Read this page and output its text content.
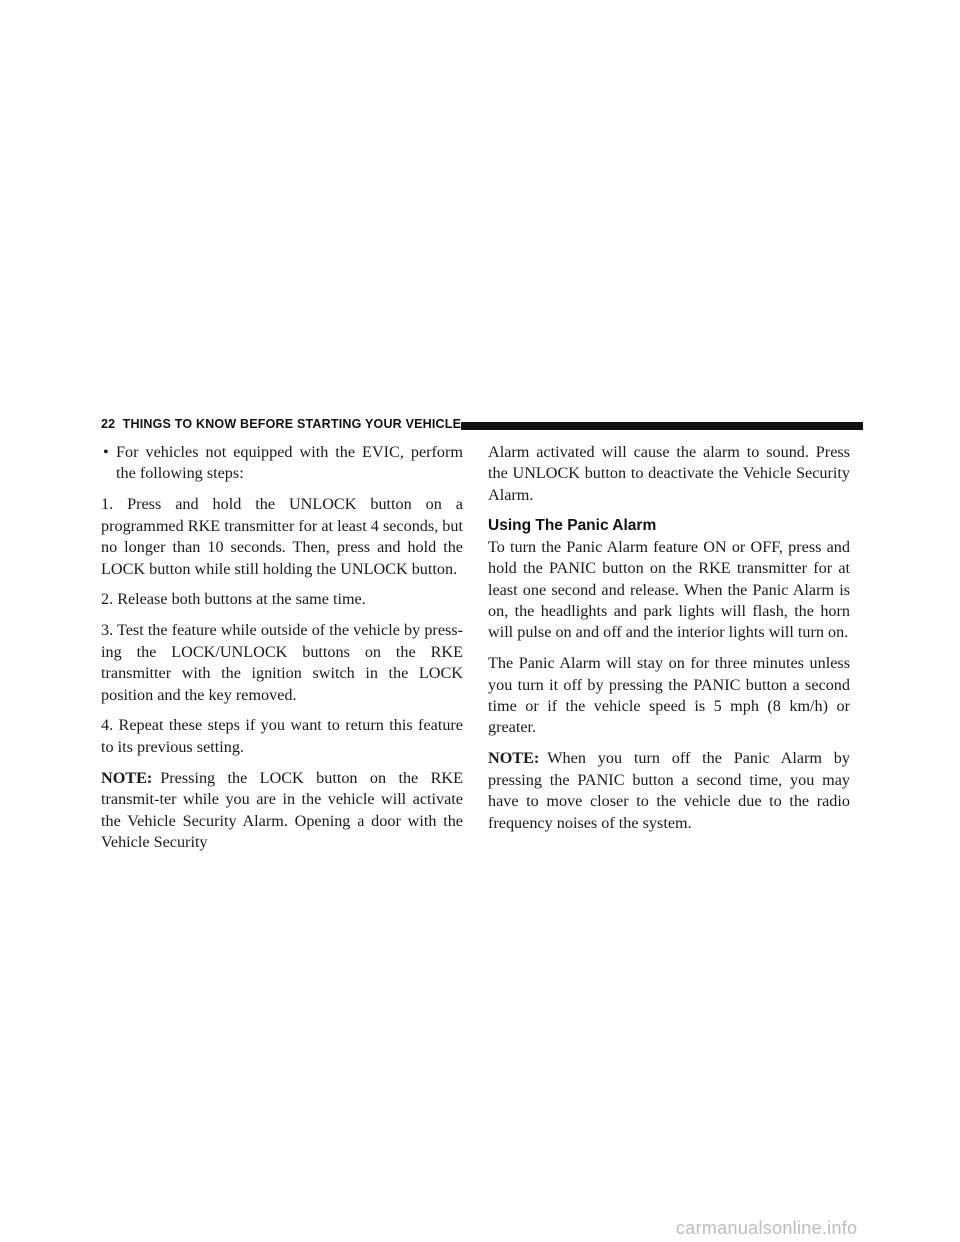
22 THINGS TO KNOW BEFORE STARTING YOUR VEHICLE
• For vehicles not equipped with the EVIC, perform the following steps:

1. Press and hold the UNLOCK button on a programmed RKE transmitter for at least 4 seconds, but no longer than 10 seconds. Then, press and hold the LOCK button while still holding the UNLOCK button.

2. Release both buttons at the same time.

3. Test the feature while outside of the vehicle by press-ing the LOCK/UNLOCK buttons on the RKE transmitter with the ignition switch in the LOCK position and the key removed.

4. Repeat these steps if you want to return this feature to its previous setting.

NOTE: Pressing the LOCK button on the RKE transmit-ter while you are in the vehicle will activate the Vehicle Security Alarm. Opening a door with the Vehicle Security

Alarm activated will cause the alarm to sound. Press the UNLOCK button to deactivate the Vehicle Security Alarm.

Using The Panic Alarm

To turn the Panic Alarm feature ON or OFF, press and hold the PANIC button on the RKE transmitter for at least one second and release. When the Panic Alarm is on, the headlights and park lights will flash, the horn will pulse on and off and the interior lights will turn on.

The Panic Alarm will stay on for three minutes unless you turn it off by pressing the PANIC button a second time or if the vehicle speed is 5 mph (8 km/h) or greater.

NOTE: When you turn off the Panic Alarm by pressing the PANIC button a second time, you may have to move closer to the vehicle due to the radio frequency noises of the system.

carmanualsonline.info
